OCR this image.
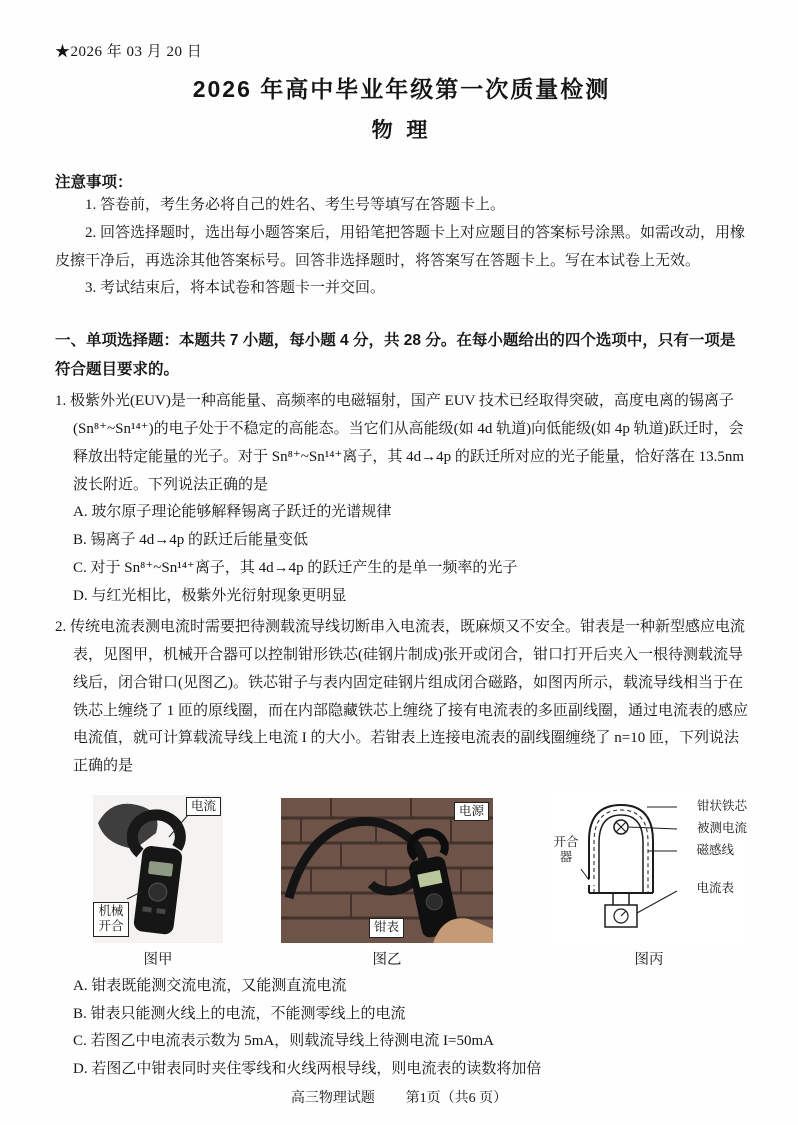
★2026 年 03 月 20 日
2026 年高中毕业年级第一次质量检测
物 理
注意事项：

1. 答卷前，考生务必将自己的姓名、考生号等填写在答题卡上。

2. 回答选择题时，选出每小题答案后，用铅笔把答题卡上对应题目的答案标号涂黑。如需改动，用橡皮擦干净后，再选涂其他答案标号。回答非选择题时，将答案写在答题卡上。写在本试卷上无效。

3. 考试结束后，将本试卷和答题卡一并交回。

一、单项选择题：本题共 7 小题，每小题 4 分，共 28 分。在每小题给出的四个选项中，只有一项是符合题目要求的。

1. 极紫外光(EUV)是一种高能量、高频率的电磁辐射，国产 EUV 技术已经取得突破，高度电离的锡离子(Sn⁸⁺~Sn¹⁴⁺)的电子处于不稳定的高能态。当它们从高能级(如 4d 轨道)向低能级(如 4p 轨道)跃迁时，会释放出特定能量的光子。对于 Sn⁸⁺~Sn¹⁴⁺离子，其 4d→4p 的跃迁所对应的光子能量，恰好落在 13.5nm 波长附近。下列说法正确的是

A. 玻尔原子理论能够解释锡离子跃迁的光谱规律

B. 锡离子 4d→4p 的跃迁后能量变低

C. 对于 Sn⁸⁺~Sn¹⁴⁺离子，其 4d→4p 的跃迁产生的是单一频率的光子

D. 与红光相比，极紫外光衍射现象更明显

2. 传统电流表测电流时需要把待测载流导线切断串入电流表，既麻烦又不安全。钳表是一种新型感应电流表，见图甲，机械开合器可以控制钳形铁芯(硅钢片制成)张开或闭合，钳口打开后夹入一根待测载流导线后，闭合钳口(见图乙)。铁芯钳子与表内固定硅钢片组成闭合磁路，如图丙所示，载流导线相当于在铁芯上缠绕了 1 匝的原线圈，而在内部隐藏铁芯上缠绕了接有电流表的多匝副线圈，通过电流表的感应电流值，就可计算载流导线上电流 I 的大小。若钳表上连接电流表的副线圈缠绕了 n=10 匝，下列说法正确的是

电流
机械开合
图甲
电源
钳表
图乙
钳状铁芯
被测电流
磁感线
电流表
开合器
图丙

A. 钳表既能测交流电流，又能测直流电流

B. 钳表只能测火线上的电流，不能测零线上的电流

C. 若图乙中电流表示数为 5mA，则载流导线上待测电流 I=50mA

D. 若图乙中钳表同时夹住零线和火线两根导线，则电流表的读数将加倍

高三物理试题 第1页（共6 页）
